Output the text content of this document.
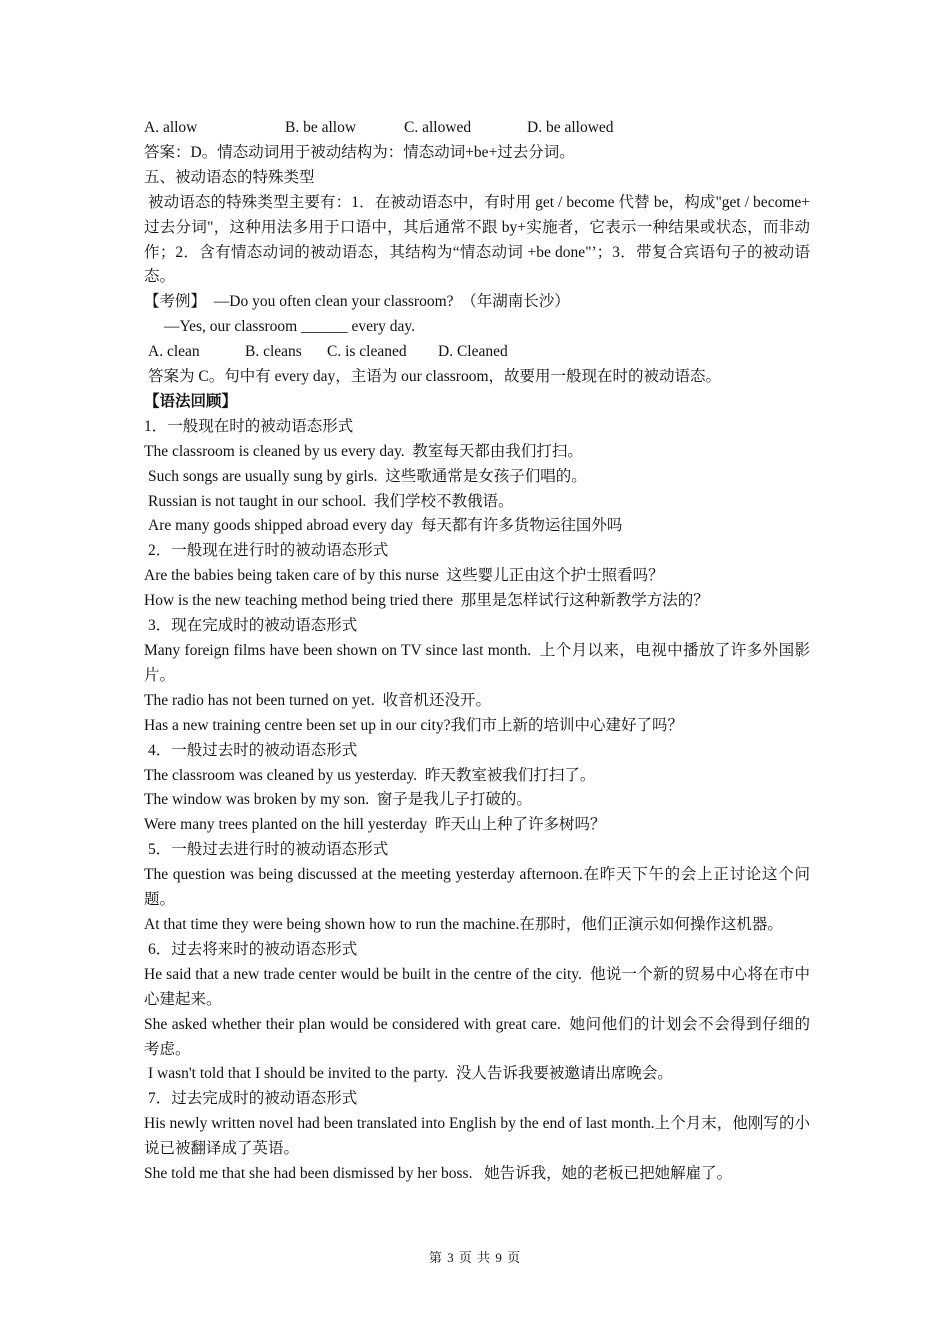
A. allow	B. be allow	C. allowed	D. be allowed

答案：D。情态动词用于被动结构为：情态动词+be+过去分词。

五、被动语态的特殊类型

被动语态的特殊类型主要有：1．在被动语态中，有时用 get / become 代替 be，构成"get / become+ 过去分词"，这种用法多用于口语中，其后通常不跟 by+实施者，它表示一种结果或状态，而非动作；2．含有情态动词的被动语态，其结构为“情态动词 +be done"’；3．带复合宾语句子的被动语态。

【考例】 —Do you often clean your classroom? （年湖南长沙）

—Yes, our classroom ______ every day.

A. clean	B. cleans C. is cleaned D. Cleaned

答案为 C。句中有 every day，主语为 our classroom，故要用一般现在时的被动语态。

【语法回顾】

1．一般现在时的被动语态形式

The classroom is cleaned by us every day.  教室每天都由我们打扫。

Such songs are usually sung by girls.  这些歌通常是女孩子们唱的。

Russian is not taught in our school.  我们学校不教俄语。

Are many goods shipped abroad every day  每天都有许多货物运往国外吗

2．一般现在进行时的被动语态形式

Are the babies being taken care of by this nurse  这些婴儿正由这个护士照看吗？

How is the new teaching method being tried there  那里是怎样试行这种新教学方法的？

3．现在完成时的被动语态形式

Many foreign films have been shown on TV since last month.  上个月以来，电视中播放了许多外国影片。

The radio has not been turned on yet.  收音机还没开。

Has a new training centre been set up in our city?我们市上新的培训中心建好了吗？

4．一般过去时的被动语态形式

The classroom was cleaned by us yesterday.  昨天教室被我们打扫了。

The window was broken by my son.  窗子是我儿子打破的。

Were many trees planted on the hill yesterday  昨天山上种了许多树吗？

5．一般过去进行时的被动语态形式

The question was being discussed at the meeting yesterday afternoon.在昨天下午的会上正讨论这个问题。

At that time they were being shown how to run the machine.在那时，他们正演示如何操作这机器。

6．过去将来时的被动语态形式

He said that a new trade center would be built in the centre of the city.  他说一个新的贸易中心将在市中心建起来。

She asked whether their plan would be considered with great care.  她问他们的计划会不会得到仔细的考虑。

I wasn't told that I should be invited to the party.  没人告诉我要被邀请出席晚会。

7．过去完成时的被动语态形式

His newly written novel had been translated into English by the end of last month.上个月末，他刚写的小说已被翻译成了英语。

She told me that she had been dismissed by her boss.   她告诉我，她的老板已把她解雇了。

第 3 页 共 9 页
